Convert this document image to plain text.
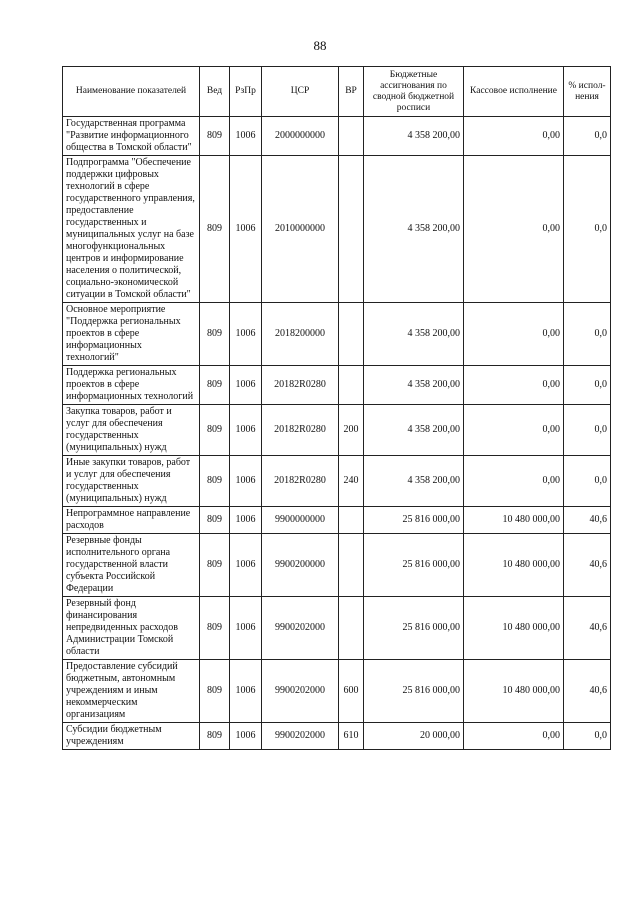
88
Наименование показателей	Вед	РзПр	ЦСР	ВР	Бюджетные ассигнования по сводной бюджетной росписи	Кассовое исполнение	% испол-нения
Государственная программа "Развитие информационного общества в Томской области"	809	1006	2000000000		4 358 200,00	0,00	0,0
Подпрограмма "Обеспечение поддержки цифровых технологий в сфере государственного управления, предоставление государственных и муниципальных услуг на базе многофункциональных центров и информирование населения о политической, социально-экономической ситуации в Томской области"	809	1006	2010000000		4 358 200,00	0,00	0,0
Основное мероприятие "Поддержка региональных проектов в сфере информационных технологий"	809	1006	2018200000		4 358 200,00	0,00	0,0
Поддержка региональных проектов в сфере информационных технологий	809	1006	20182R0280		4 358 200,00	0,00	0,0
Закупка товаров, работ и услуг для обеспечения государственных (муниципальных) нужд	809	1006	20182R0280	200	4 358 200,00	0,00	0,0
Иные закупки товаров, работ и услуг для обеспечения государственных (муниципальных) нужд	809	1006	20182R0280	240	4 358 200,00	0,00	0,0
Непрограммное направление расходов	809	1006	9900000000		25 816 000,00	10 480 000,00	40,6
Резервные фонды исполнительного органа государственной власти субъекта Российской Федерации	809	1006	9900200000		25 816 000,00	10 480 000,00	40,6
Резервный фонд финансирования непредвиденных расходов Администрации Томской области	809	1006	9900202000		25 816 000,00	10 480 000,00	40,6
Предоставление субсидий бюджетным, автономным учреждениям и иным некоммерческим организациям	809	1006	9900202000	600	25 816 000,00	10 480 000,00	40,6
Субсидии бюджетным учреждениям	809	1006	9900202000	610	20 000,00	0,00	0,0
